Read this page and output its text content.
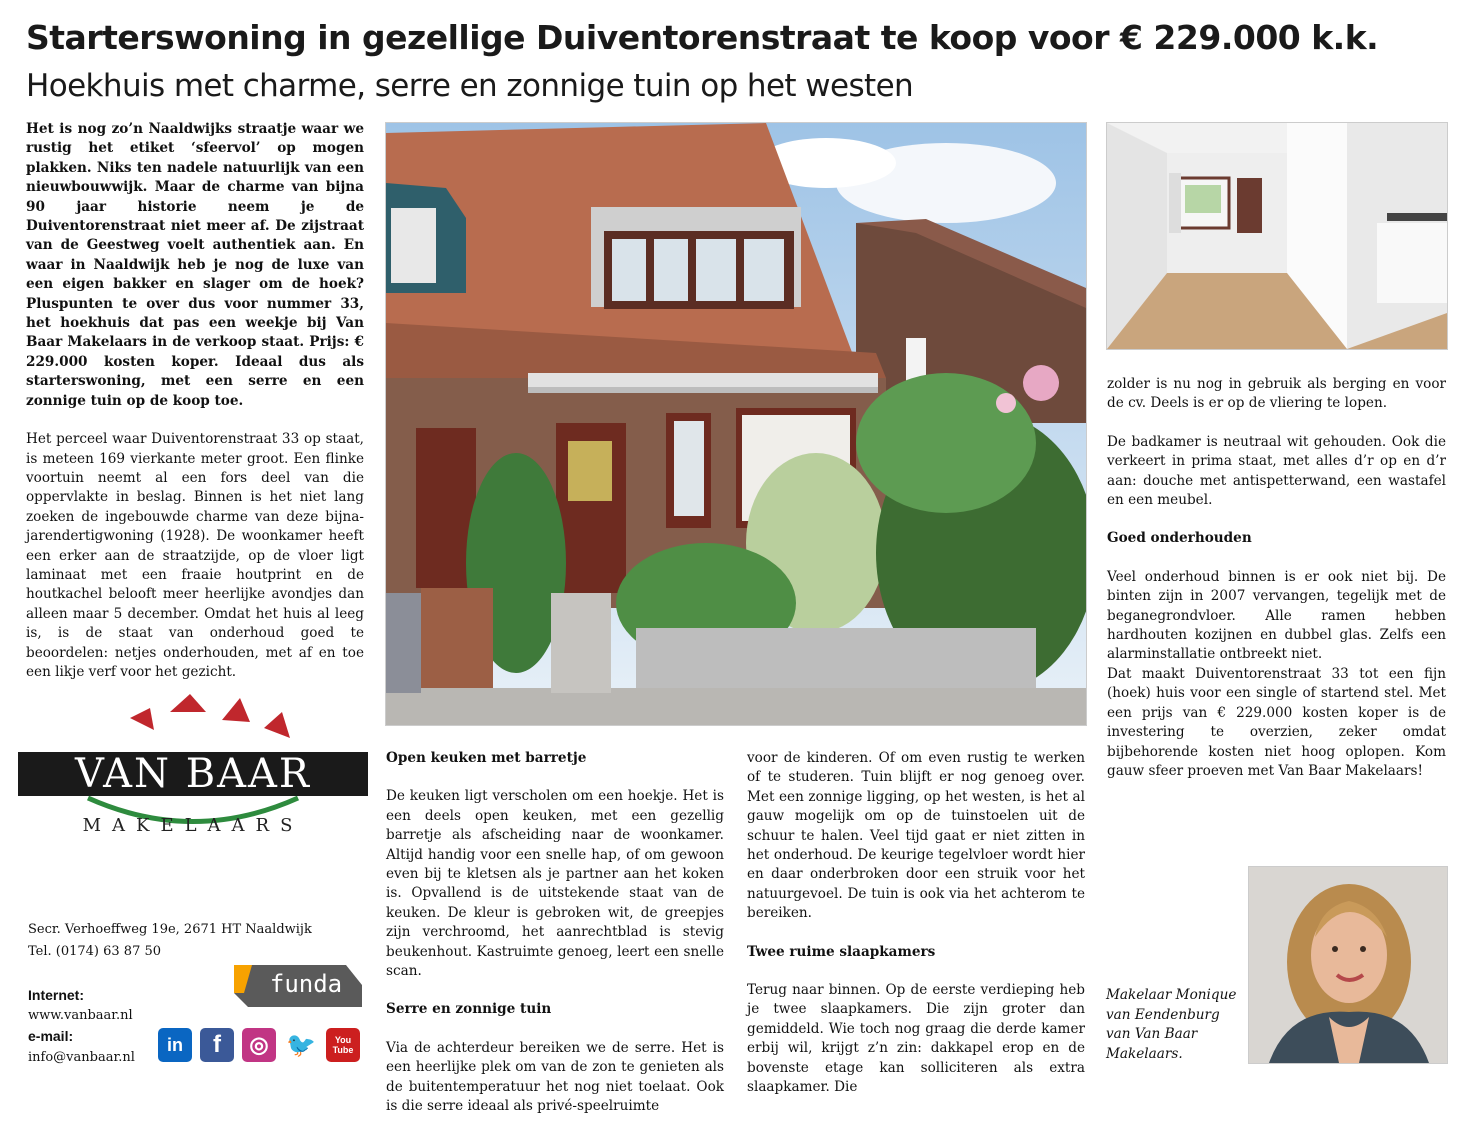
Starterswoning in gezellige Duiventorenstraat te koop voor € 229.000 k.k.
Hoekhuis met charme, serre en zonnige tuin op het westen

Het is nog zo’n Naaldwijks straatje waar we rustig het etiket ‘sfeervol’ op mogen plakken. Niks ten nadele natuurlijk van een nieuwbouwwijk. Maar de charme van bijna 90 jaar historie neem je de Duiventorenstraat niet meer af. De zijstraat van de Geestweg voelt authentiek aan. En waar in Naaldwijk heb je nog de luxe van een eigen bakker en slager om de hoek? Pluspunten te over dus voor nummer 33, het hoekhuis dat pas een weekje bij Van Baar Makelaars in de verkoop staat. Prijs: € 229.000 kosten koper. Ideaal dus als starterswoning, met een serre en een zonnige tuin op de koop toe.

Het perceel waar Duiventorenstraat 33 op staat, is meteen 169 vierkante meter groot. Een flinke voortuin neemt al een fors deel van die oppervlakte in beslag. Binnen is het niet lang zoeken de ingebouwde charme van deze bijna-jarendertigwoning (1928). De woonkamer heeft een erker aan de straatzijde, op de vloer ligt laminaat met een fraaie houtprint en de houtkachel belooft meer heerlijke avondjes dan alleen maar 5 december. Omdat het huis al leeg is, is de staat van onderhoud goed te beoordelen: netjes onderhouden, met af en toe een likje verf voor het gezicht.

Open keuken met barretje

De keuken ligt verscholen om een hoekje. Het is een deels open keuken, met een gezellig barretje als afscheiding naar de woonkamer. Altijd handig voor een snelle hap, of om gewoon even bij te kletsen als je partner aan het koken is. Opvallend is de uitstekende staat van de keuken. De kleur is gebroken wit, de greepjes zijn verchroomd, het aanrechtblad is stevig beukenhout. Kastruimte genoeg, leert een snelle scan.

Serre en zonnige tuin

Via de achterdeur bereiken we de serre. Het is een heerlijke plek om van de zon te genieten als de buitentemperatuur het nog niet toelaat. Ook is die serre ideaal als privé-speelruimte

voor de kinderen. Of om even rustig te werken of te studeren. Tuin blijft er nog genoeg over. Met een zonnige ligging, op het westen, is het al gauw mogelijk om op de tuinstoelen uit de schuur te halen. Veel tijd gaat er niet zitten in het onderhoud. De keurige tegelvloer wordt hier en daar onderbroken door een struik voor het natuurgevoel. De tuin is ook via het achterom te bereiken.

Twee ruime slaapkamers

Terug naar binnen. Op de eerste verdieping heb je twee slaapkamers. Die zijn groter dan gemiddeld. Wie toch nog graag die derde kamer erbij wil, krijgt z’n zin: dakkapel erop en de bovenste etage kan solliciteren als extra slaapkamer. Die

zolder is nu nog in gebruik als berging en voor de cv. Deels is er op de vliering te lopen.

De badkamer is neutraal wit gehouden. Ook die verkeert in prima staat, met alles d’r op en d’r aan: douche met antispetterwand, een wastafel en een meubel.

Goed onderhouden

Veel onderhoud binnen is er ook niet bij. De binten zijn in 2007 vervangen, tegelijk met de beganegrondvloer. Alle ramen hebben hardhouten kozijnen en dubbel glas. Zelfs een alarminstallatie ontbreekt niet.

Dat maakt Duiventorenstraat 33 tot een fijn (hoek) huis voor een single of startend stel. Met een prijs van € 229.000 kosten koper is de investering te overzien, zeker omdat bijbehorende kosten niet hoog oplopen. Kom gauw sfeer proeven met Van Baar Makelaars!

Makelaar Monique van Eendenburg van Van Baar Makelaars.
VAN BAAR
MAKELAARS
Secr. Verhoeffweg 19e, 2671 HT Naaldwijk
Tel. (0174) 63 87 50
Internet:
www.vanbaar.nl
e-mail:
info@vanbaar.nl
funda
in	f	◎ 🐦	You Tube
